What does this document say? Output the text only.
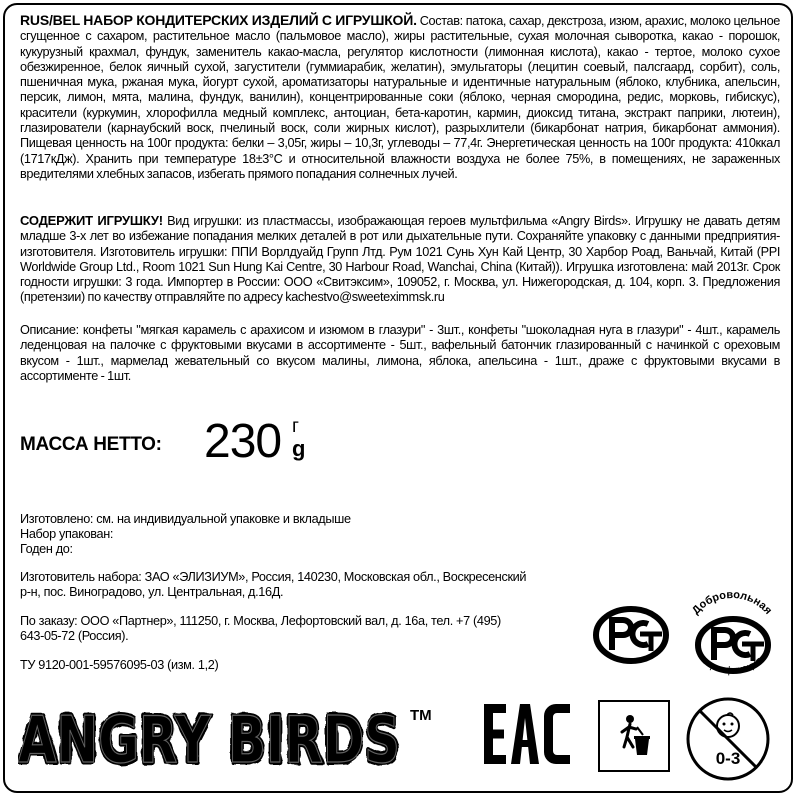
RUS/BEL НАБОР КОНДИТЕРСКИХ ИЗДЕЛИЙ С ИГРУШКОЙ. Состав: патока, сахар, декстроза, изюм, арахис, молоко цельное сгущенное с сахаром, растительное масло (пальмовое масло), жиры растительные, сухая молочная сыворотка, какао - порошок, кукурузный крахмал, фундук, заменитель какао-масла, регулятор кислотности (лимонная кислота), какао - тертое, молоко сухое обезжиренное, белок яичный сухой, загустители (гуммиарабик, желатин), эмульгаторы (лецитин соевый, палсгаард, сорбит), соль, пшеничная мука, ржаная мука, йогурт сухой, ароматизаторы натуральные и идентичные натуральным (яблоко, клубника, апельсин, персик, лимон, мята, малина, фундук, ванилин), концентрированные соки (яблоко, черная смородина, редис, морковь, гибискус), красители (куркумин, хлорофилла медный комплекс, антоциан, бета-каротин, кармин, диоксид титана, экстракт паприки, лютеин), глазирователи (карнаубский воск, пчелиный воск, соли жирных кислот), разрыхлители (бикарбонат натрия, бикарбонат аммония). Пищевая ценность на 100г продукта: белки – 3,05г, жиры – 10,3г, углеводы – 77,4г. Энергетическая ценность на 100г продукта: 410ккал (1717кДж). Хранить при температуре 18±3°С и относительной влажности воздуха не более 75%, в помещениях, не зараженных вредителями хлебных запасов, избегать прямого попадания солнечных лучей.

СОДЕРЖИТ ИГРУШКУ! Вид игрушки: из пластмассы, изображающая героев мультфильма «Angry Birds». Игрушку не давать детям младше 3-х лет во избежание попадания мелких деталей в рот или дыхательные пути. Сохраняйте упаковку с данными предприятия-изготовителя. Изготовитель игрушки: ППИ Ворлдуайд Групп Лтд. Рум 1021 Сунь Хун Кай Центр, 30 Харбор Роад, Ваньчай, Китай (PPI Worldwide Group Ltd., Room 1021 Sun Hung Kai Centre, 30 Harbour Road, Wanchai, China (Китай)). Игрушка изготовлена: май 2013г. Срок годности игрушки: 3 года. Импортер в России: ООО «Свитэксим», 109052, г. Москва, ул. Нижегородская, д. 104, корп. 3. Предложения (претензии) по качеству отправляйте по адресу kachestvo@sweeteximmsk.ru

Описание: конфеты "мягкая карамель с арахисом и изюмом в глазури" - 3шт., конфеты "шоколадная нуга в глазури" - 4шт., карамель леденцовая на палочке с фруктовыми вкусами в ассортименте - 5шт., вафельный батончик глазированный с начинкой с ореховым вкусом - 1шт., мармелад жевательный со вкусом малины, лимона, яблока, апельсина - 1шт., драже с фруктовыми вкусами в ассортименте - 1шт.

МАССА НЕТТО: 230 г
g

Изготовлено: см. на индивидуальной упаковке и вкладыше

Набор упакован:

Годен до:

Изготовитель набора: ЗАО «ЭЛИЗИУМ», Россия, 140230, Московская обл., Воскресенский

р-н, пос. Виноградово, ул. Центральная, д.16Д.

По заказу: ООО «Партнер», 111250, г. Москва, Лефортовский вал, д. 16а, тел. +7 (495)

643-05-72 (Россия).

ТУ 9120-001-59576095-03 (изм. 1,2)

ANGRY BIRDS
ANGRY BIRDS TM
Добровольная
сертификация
0-3
